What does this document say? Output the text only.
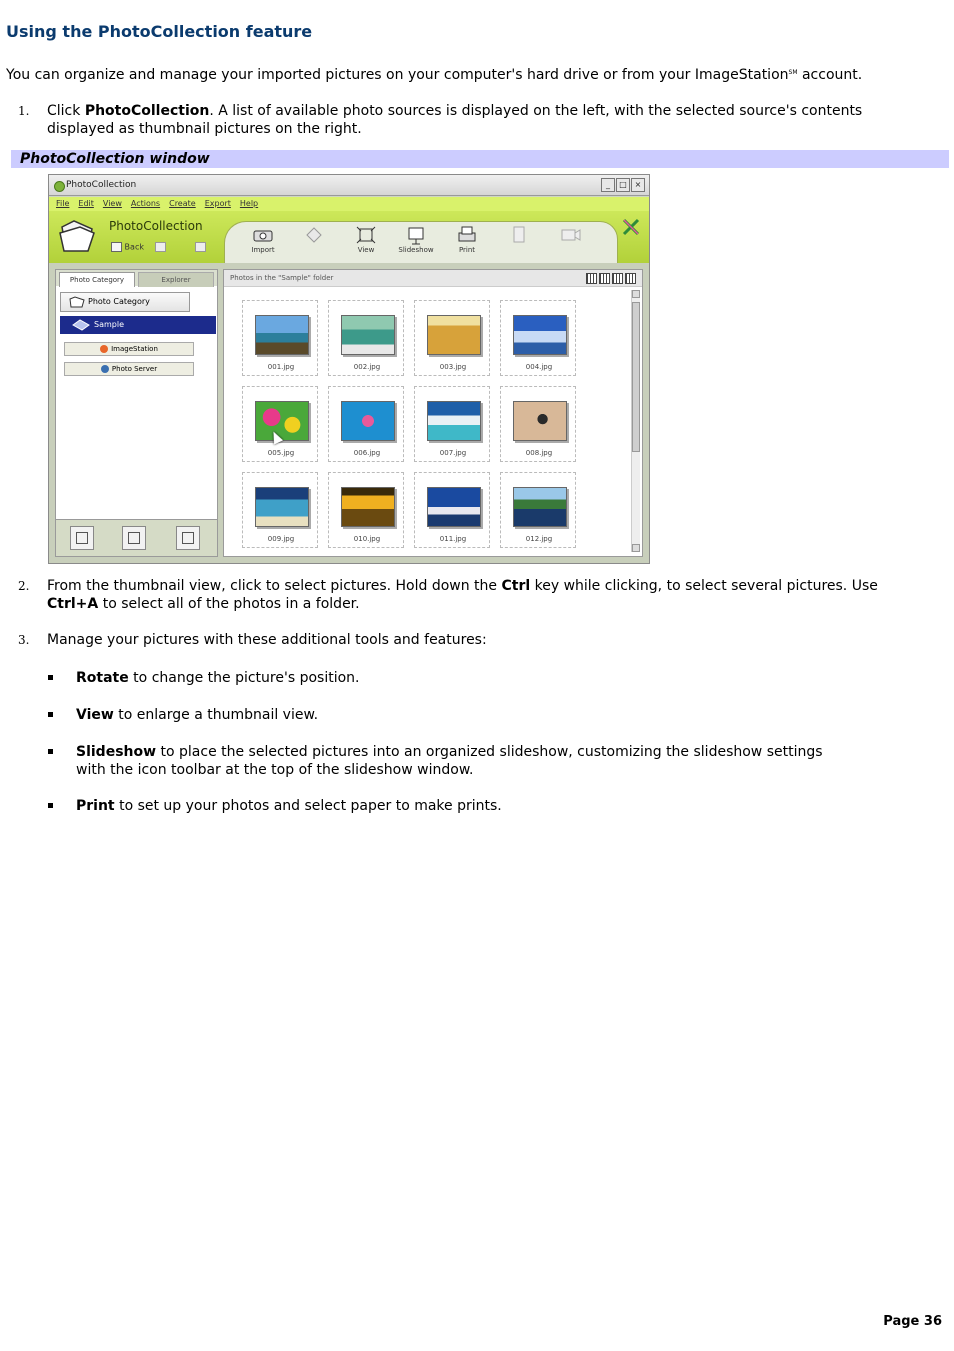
Using the PhotoCollection feature
You can organize and manage your imported pictures on your computer's hard drive or from your ImageStation℠ account.
1. Click PhotoCollection. A list of available photo sources is displayed on the left, with the selected source's contents displayed as thumbnail pictures on the right.
PhotoCollection window
PhotoCollection	_	□ ×
File Edit View Actions Create Export Help
PhotoCollection
Back	Import	View	Slideshow	Print
Photo Category	Explorer
Photo Category
Sample
ImageStation
Photo Server
Photos in the "Sample" folder
001.jpg	002.jpg	003.jpg	004.jpg
005.jpg	006.jpg	007.jpg	008.jpg
009.jpg	010.jpg	011.jpg	012.jpg
2. From the thumbnail view, click to select pictures. Hold down the Ctrl key while clicking, to select several pictures. Use Ctrl+A to select all of the photos in a folder.
3. Manage your pictures with these additional tools and features:
Rotate to change the picture's position.
View to enlarge a thumbnail view.
Slideshow to place the selected pictures into an organized slideshow, customizing the slideshow settings with the icon toolbar at the top of the slideshow window.
Print to set up your photos and select paper to make prints.
Page 36
